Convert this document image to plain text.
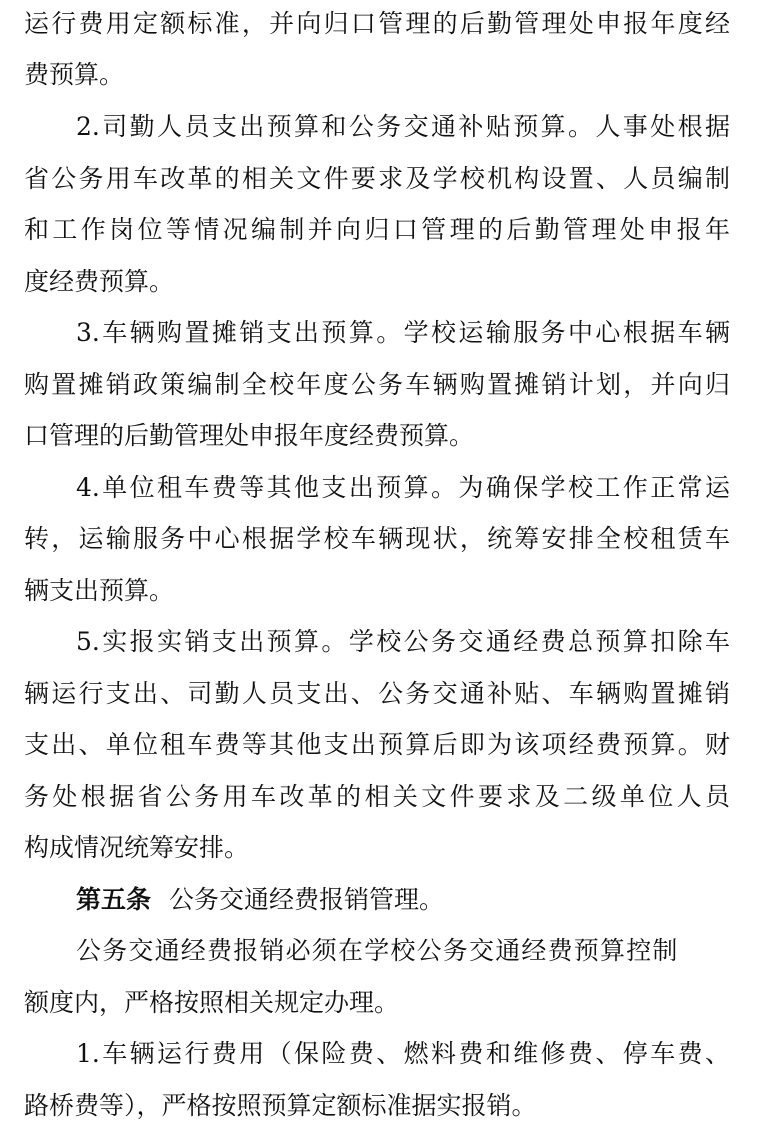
运行费用定额标准，并向归口管理的后勤管理处申报年度经
费预算。
2.司勤人员支出预算和公务交通补贴预算。人事处根据
省公务用车改革的相关文件要求及学校机构设置、人员编制
和工作岗位等情况编制并向归口管理的后勤管理处申报年
度经费预算。
3.车辆购置摊销支出预算。学校运输服务中心根据车辆
购置摊销政策编制全校年度公务车辆购置摊销计划，并向归
口管理的后勤管理处申报年度经费预算。
4.单位租车费等其他支出预算。为确保学校工作正常运
转，运输服务中心根据学校车辆现状，统筹安排全校租赁车
辆支出预算。
5.实报实销支出预算。学校公务交通经费总预算扣除车
辆运行支出、司勤人员支出、公务交通补贴、车辆购置摊销
支出、单位租车费等其他支出预算后即为该项经费预算。财
务处根据省公务用车改革的相关文件要求及二级单位人员
构成情况统筹安排。
第五条 公务交通经费报销管理。
公务交通经费报销必须在学校公务交通经费预算控制
额度内，严格按照相关规定办理。
1.车辆运行费用（保险费、燃料费和维修费、停车费、
路桥费等），严格按照预算定额标准据实报销。
